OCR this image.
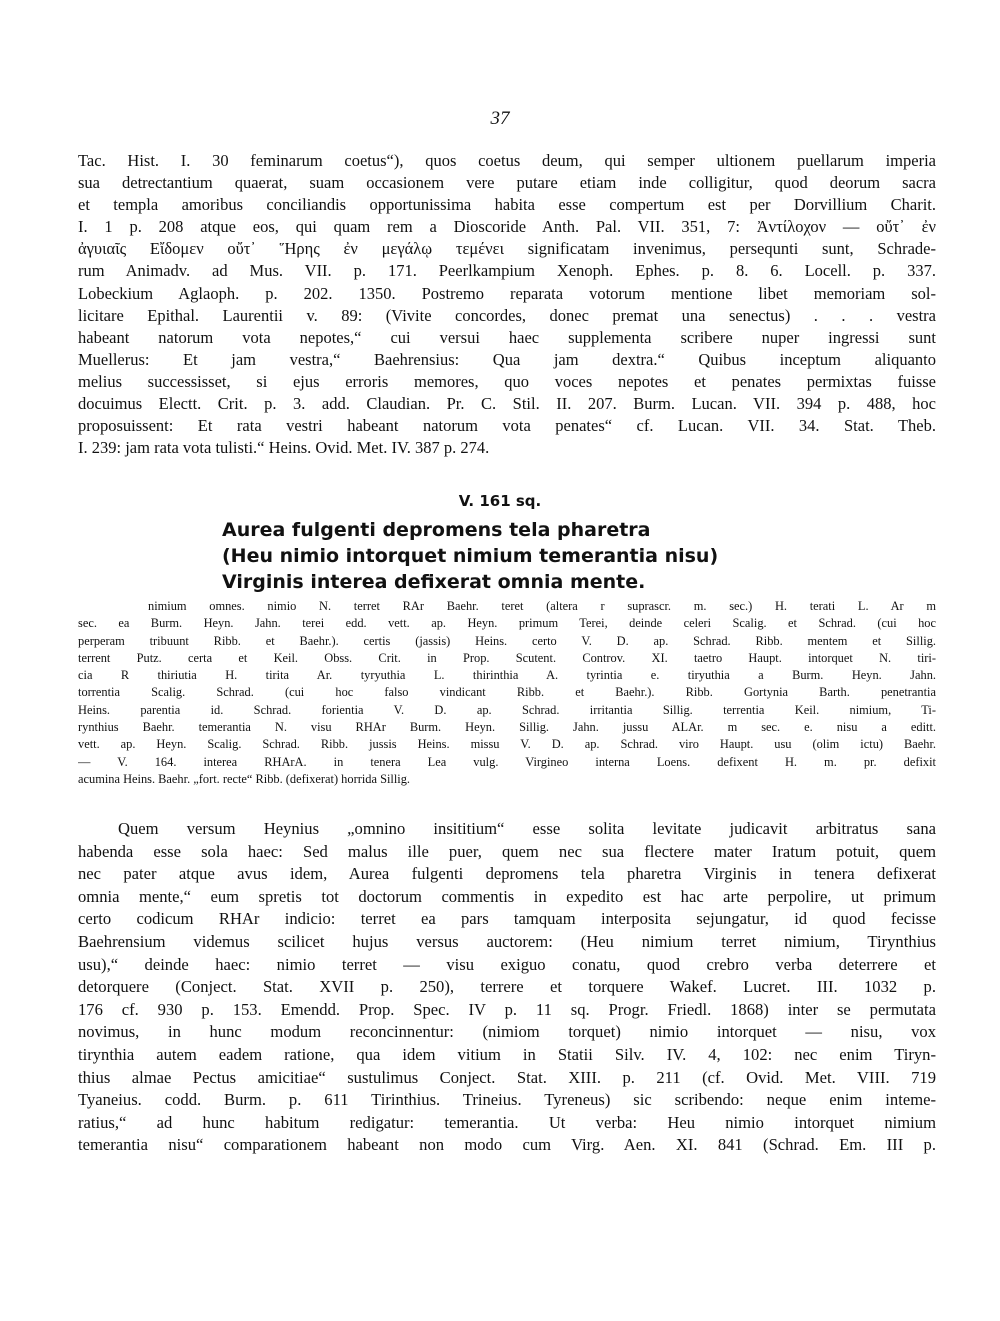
37
Tac. Hist. I. 30 feminarum coetus“), quos coetus deum, qui semper ultionem puellarum imperia
sua detrectantium quaerat, suam occasionem vere putare etiam inde colligitur, quod deorum sacra
et templa amoribus conciliandis opportunissima habita esse compertum est per Dorvillium Charit.
I. 1 p. 208 atque eos, qui quam rem a Dioscoride Anth. Pal. VII. 351, 7: Ἀντίλοχον — οὔτ᾽ ἐν
ἀγυιαῖς Εἴδομεν οὔτ᾽ Ἥρης ἐν μεγάλῳ τεμένει significatam invenimus, persequnti sunt, Schrade-
rum Animadv. ad Mus. VII. p. 171. Peerlkampium Xenoph. Ephes. p. 8. 6. Locell. p. 337.
Lobeckium Aglaoph. p. 202. 1350. Postremo reparata votorum mentione libet memoriam sol-
licitare Epithal. Laurentii v. 89: (Vivite concordes, donec premat una senectus) . . . vestra
habeant natorum vota nepotes,“ cui versui haec supplementa scribere nuper ingressi sunt
Muellerus: Et jam vestra,“ Baehrensius: Qua jam dextra.“ Quibus inceptum aliquanto
melius successisset, si ejus erroris memores, quo voces nepotes et penates permixtas fuisse
docuimus Electt. Crit. p. 3. add. Claudian. Pr. C. Stil. II. 207. Burm. Lucan. VII. 394 p. 488, hoc
proposuissent: Et rata vestri habeant natorum vota penates“ cf. Lucan. VII. 34. Stat. Theb.
I. 239: jam rata vota tulisti.“ Heins. Ovid. Met. IV. 387 p. 274.
V. 161 sq.
Aurea fulgenti depromens tela pharetra
(Heu nimio intorquet nimium temerantia nisu)
Virginis interea defixerat omnia mente.
nimium omnes. nimio N. terret RAr Baehr. teret (altera r suprascr. m. sec.) H. terati L. Ar m
sec. ea Burm. Heyn. Jahn. terei edd. vett. ap. Heyn. primum Terei, deinde celeri Scalig. et Schrad. (cui hoc
perperam tribuunt Ribb. et Baehr.). certis (jassis) Heins. certo V. D. ap. Schrad. Ribb. mentem et Sillig.
terrent Putz. certa et Keil. Obss. Crit. in Prop. Scutent. Controv. XI. taetro Haupt. intorquet N. tiri-
cia R thiriutia H. tirita Ar. tyryuthia L. thirinthia A. tyrintia e. tiryuthia a Burm. Heyn. Jahn.
torrentia Scalig. Schrad. (cui hoc falso vindicant Ribb. et Baehr.). Ribb. Gortynia Barth. penetrantia
Heins. parentia id. Schrad. forientia V. D. ap. Schrad. irritantia Sillig. terrentia Keil. nimium, Ti-
rynthius Baehr. temerantia N. visu RHAr Burm. Heyn. Sillig. Jahn. jussu ALAr. m sec. e. nisu a editt.
vett. ap. Heyn. Scalig. Schrad. Ribb. jussis Heins. missu V. D. ap. Schrad. viro Haupt. usu (olim ictu) Baehr.
— V. 164. interea RHArA. in tenera Lea vulg. Virgineo interna Loens. defixent H. m. pr. defixit
acumina Heins. Baehr. „fort. recte“ Ribb. (defixerat) horrida Sillig.
Quem versum Heynius „omnino insititium“ esse solita levitate judicavit arbitratus sana
habenda esse sola haec: Sed malus ille puer, quem nec sua flectere mater Iratum potuit, quem
nec pater atque avus idem, Aurea fulgenti depromens tela pharetra Virginis in tenera defixerat
omnia mente,“ eum spretis tot doctorum commentis in expedito est hac arte perpolire, ut primum
certo codicum RHAr indicio: terret ea pars tamquam interposita sejungatur, id quod fecisse
Baehrensium videmus scilicet hujus versus auctorem: (Heu nimium terret nimium, Tirynthius
usu),“ deinde haec: nimio terret — visu exiguo conatu, quod crebro verba deterrere et
detorquere (Conject. Stat. XVII p. 250), terrere et torquere Wakef. Lucret. III. 1032 p.
176 cf. 930 p. 153. Emendd. Prop. Spec. IV p. 11 sq. Progr. Friedl. 1868) inter se permutata
novimus, in hunc modum reconcinnentur: (nimiom torquet) nimio intorquet — nisu, vox
tirynthia autem eadem ratione, qua idem vitium in Statii Silv. IV. 4, 102: nec enim Tiryn-
thius almae Pectus amicitiae“ sustulimus Conject. Stat. XIII. p. 211 (cf. Ovid. Met. VIII. 719
Tyaneius. codd. Burm. p. 611 Tirinthius. Trineius. Tyreneus) sic scribendo: neque enim inteme-
ratius,“ ad hunc habitum redigatur: temerantia. Ut verba: Heu nimio intorquet nimium
temerantia nisu“ comparationem habeant non modo cum Virg. Aen. XI. 841 (Schrad. Em. III p.
